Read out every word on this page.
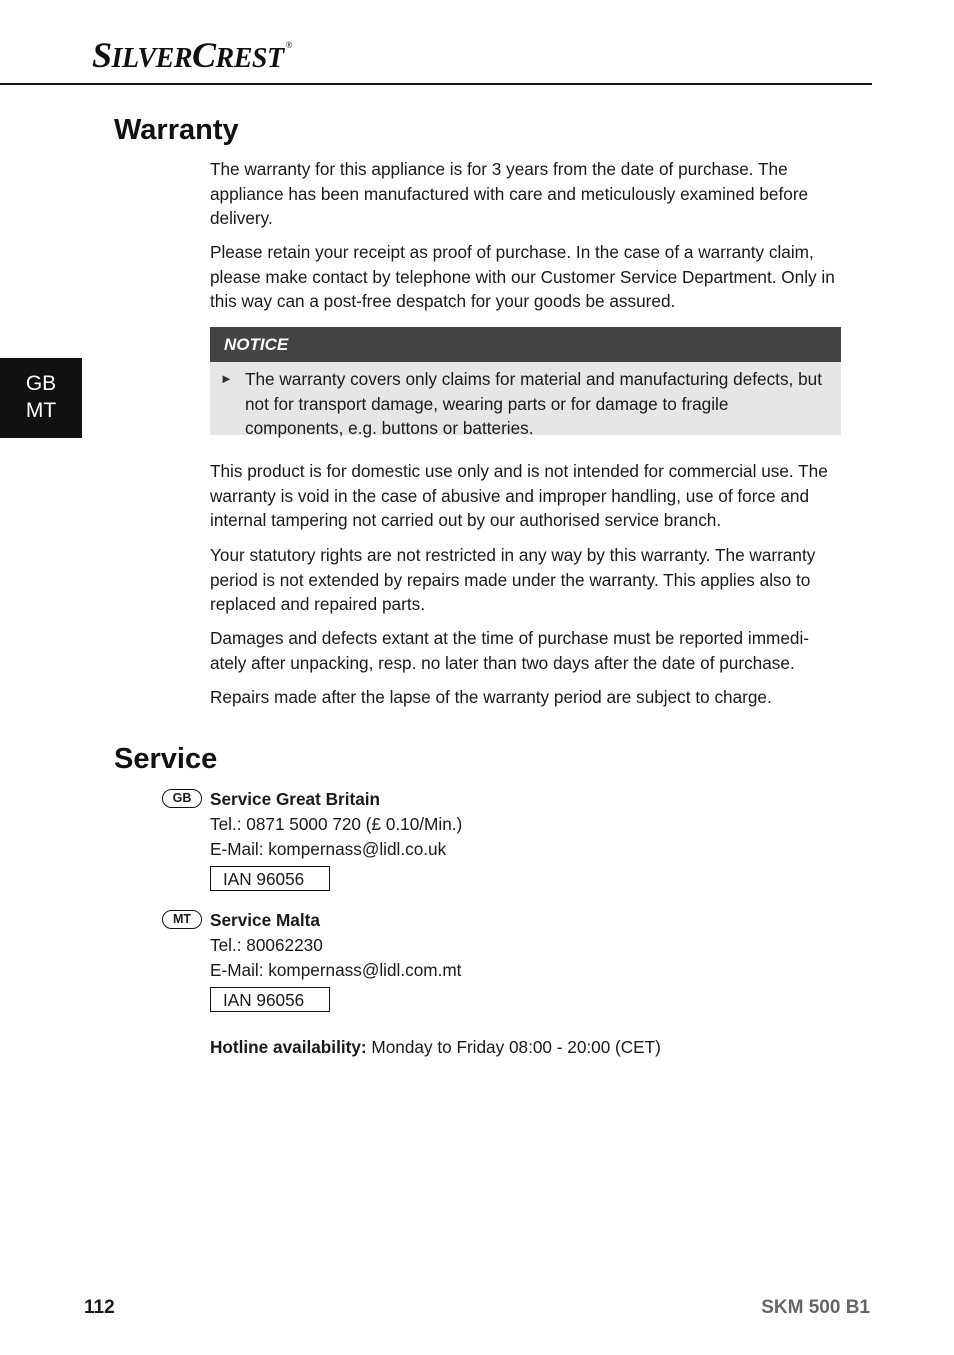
SILVERCREST ®
GB
MT
Warranty

The warranty for this appliance is for 3 years from the date of purchase. The appliance has been manufactured with care and meticulously examined before delivery.

Please retain your receipt as proof of purchase. In the case of a warranty claim, please make contact by telephone with our Customer Service Department. Only in this way can a post-free despatch for your goods be assured.

NOTICE
► The warranty covers only claims for material and manufacturing defects, but not for transport damage, wearing parts or for damage to fragile components, e.g. buttons or batteries.

This product is for domestic use only and is not intended for commercial use. The warranty is void in the case of abusive and improper handling, use of force and internal tampering not carried out by our authorised service branch.

Your statutory rights are not restricted in any way by this warranty. The warranty period is not extended by repairs made under the warranty. This applies also to replaced and repaired parts.

Damages and defects extant at the time of purchase must be reported immedi-ately after unpacking, resp. no later than two days after the date of purchase.

Repairs made after the lapse of the warranty period are subject to charge.

Service
GB	Service Great Britain
Tel.: 0871 5000 720 (£ 0.10/Min.)
E-Mail: kompernass@lidl.co.uk
IAN 96056
MT	Service Malta
Tel.: 80062230
E-Mail: kompernass@lidl.com.mt
IAN 96056
Hotline availability: Monday to Friday 08:00 - 20:00 (CET)
112	SKM 500 B1
